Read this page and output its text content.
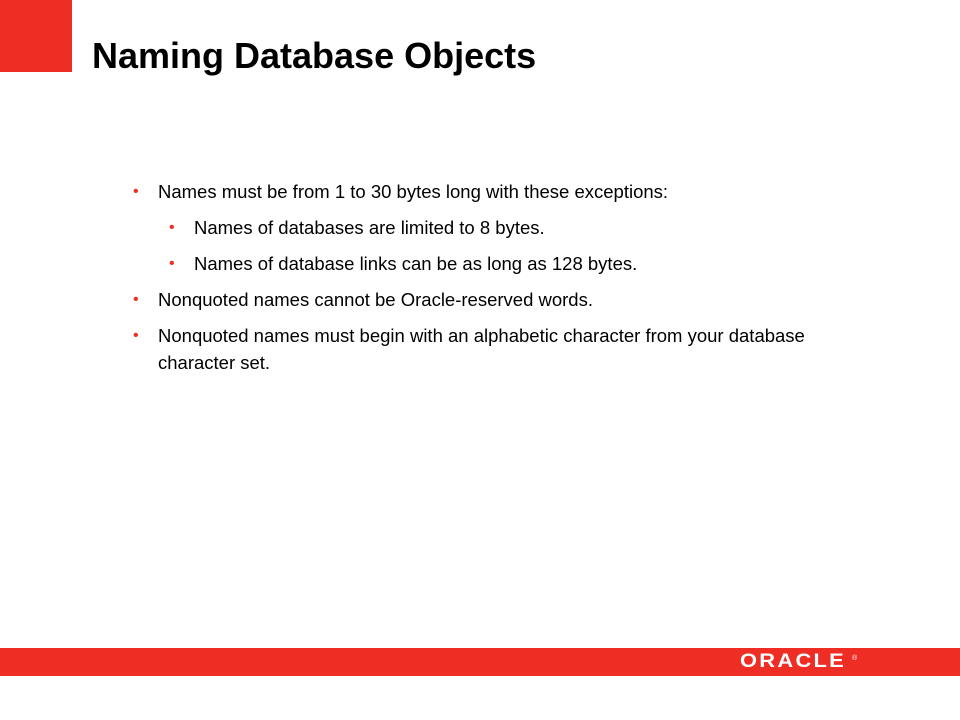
Naming Database Objects
• Names must be from 1 to 30 bytes long with these exceptions:
• Names of databases are limited to 8 bytes.
• Names of database links can be as long as 128 bytes.
• Nonquoted names cannot be Oracle-reserved words.
• Nonquoted names must begin with an alphabetic character from your database character set.
ORACLE ®
